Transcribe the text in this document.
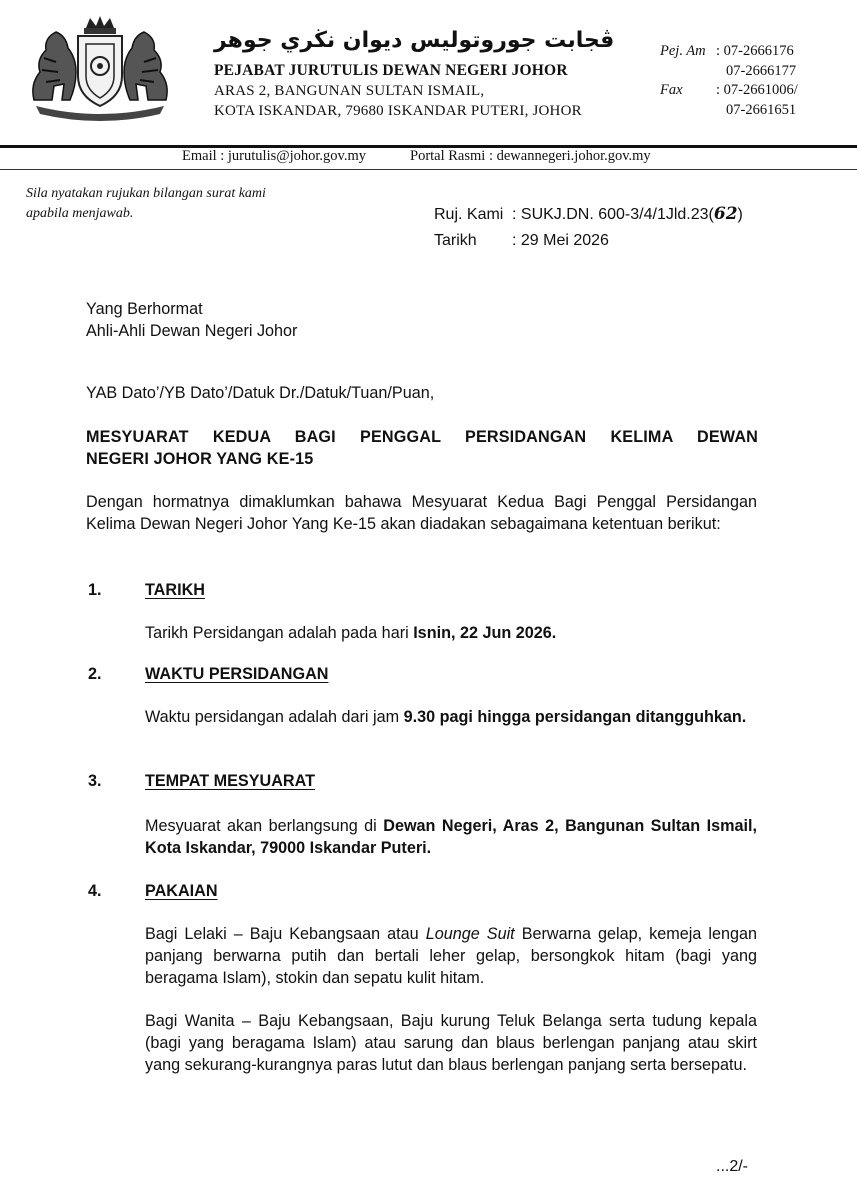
ڤجابت جوروتوليس ديوان نڬري جوهر
PEJABAT JURUTULIS DEWAN NEGERI JOHOR
ARAS 2, BANGUNAN SULTAN ISMAIL,
KOTA ISKANDAR, 79680 ISKANDAR PUTERI, JOHOR
Pej. Am : 07-2666176
07-2666177
Fax	: 07-2661006/
07-2661651
Email : jurutulis@johor.gov.my	Portal Rasmi : dewannegeri.johor.gov.my
Sila nyatakan rujukan bilangan surat kami
apabila menjawab.	Ruj. Kami : SUKJ.DN. 600-3/4/1Jld.23(62)
Tarikh : 29 Mei 2026
Yang Berhormat
Ahli-Ahli Dewan Negeri Johor
YAB Dato’/YB Dato’/Datuk Dr./Datuk/Tuan/Puan,
MESYUARAT KEDUA BAGI PENGGAL PERSIDANGAN KELIMA DEWAN
NEGERI JOHOR YANG KE-15
Dengan hormatnya dimaklumkan bahawa Mesyuarat Kedua Bagi Penggal Persidangan Kelima Dewan Negeri Johor Yang Ke-15 akan diadakan sebagaimana ketentuan berikut:
1.	TARIKH
Tarikh Persidangan adalah pada hari Isnin, 22 Jun 2026.
2.	WAKTU PERSIDANGAN
Waktu persidangan adalah dari jam 9.30 pagi hingga persidangan ditangguhkan.
3.	TEMPAT MESYUARAT
Mesyuarat akan berlangsung di Dewan Negeri, Aras 2, Bangunan Sultan Ismail, Kota Iskandar, 79000 Iskandar Puteri.
4.	PAKAIAN
Bagi Lelaki – Baju Kebangsaan atau Lounge Suit Berwarna gelap, kemeja lengan panjang berwarna putih dan bertali leher gelap, bersongkok hitam (bagi yang beragama Islam), stokin dan sepatu kulit hitam.
Bagi Wanita – Baju Kebangsaan, Baju kurung Teluk Belanga serta tudung kepala (bagi yang beragama Islam) atau sarung dan blaus berlengan panjang atau skirt yang sekurang-kurangnya paras lutut dan blaus berlengan panjang serta bersepatu.
...2/-
